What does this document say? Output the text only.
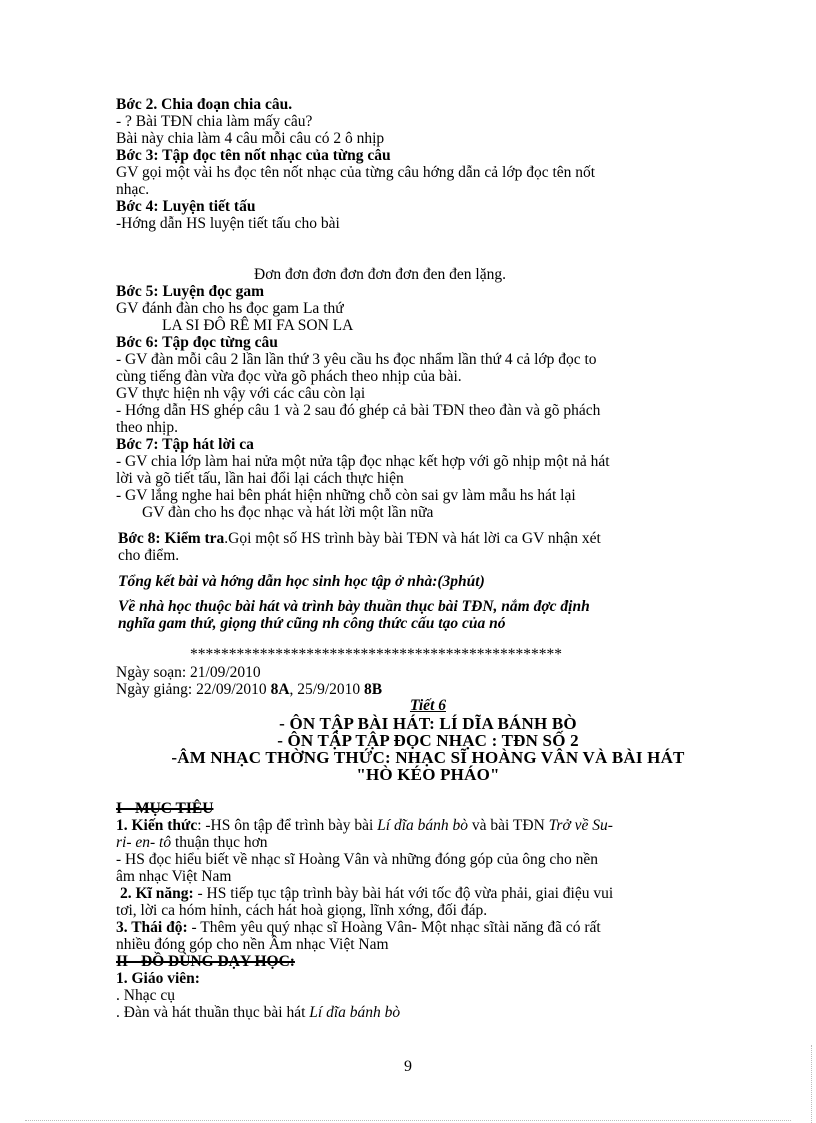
Bớc 2. Chia đoạn chia câu.
- ? Bài TĐN chia làm mấy câu?
Bài này chia làm 4 câu mỗi câu có 2 ô nhịp
Bớc 3: Tập đọc tên nốt nhạc của từng câu
GV gọi một vài hs đọc tên nốt nhạc của từng câu hớng dẫn cả lớp đọc tên nốt
nhạc.
Bớc 4: Luyện tiết tấu
-Hớng dẫn HS luyện tiết tấu cho bài
Đơn đơn đơn đơn đơn đơn đen đen lặng.
Bớc 5: Luyện đọc gam
GV đánh đàn cho hs đọc gam La thứ
LA SI ĐÔ RÊ MI FA SON LA
Bớc 6: Tập đọc từng câu
- GV đàn mỗi câu 2 lần lần thứ 3 yêu cầu hs đọc nhẩm lần thứ 4 cả lớp đọc to
cùng tiếng đàn vừa đọc vừa gõ phách theo nhịp của bài.
GV thực hiện nh vậy với các câu còn lại
- Hớng dẫn HS ghép câu 1 và 2 sau đó ghép cả bài TĐN theo đàn và gõ phách
theo nhịp.
Bớc 7: Tập hát lời ca
- GV chia lớp làm hai nửa một nửa tập đọc nhạc kết hợp với gõ nhịp một nả hát
lời và gõ tiết tấu, lần hai đổi lại cách thực hiện
- GV lắng nghe hai bên phát hiện những chỗ còn sai gv làm mẫu hs hát lại
GV đàn cho hs đọc nhạc và hát lời một lần nữa
Bớc 8: Kiểm tra.Gọi một số HS trình bày bài TĐN và hát lời ca GV nhận xét
cho điểm.
Tổng kết bài và hớng dẫn học sinh học tập ở nhà:(3phút)
Về nhà học thuộc bài hát và trình bày thuần thục bài TĐN, nắm đợc định
nghĩa gam thứ, giọng thứ cũng nh công thức cấu tạo của nó
************************************************
Ngày soạn: 21/09/2010
Ngày giảng: 22/09/2010 8A, 25/9/2010 8B
Tiết 6
- ÔN TẬP BÀI HÁT: LÍ DĨA BÁNH BÒ
- ÔN TẬP TẬP ĐỌC NHẠC : TĐN SỐ 2
-ÂM NHẠC THỜNG THỨC: NHẠC SĨ HOÀNG VÂN VÀ BÀI HÁT
"HÒ KÉO PHÁO"
I - MỤC TIÊU
1. Kiến thức: -HS ôn tập để trình bày bài Lí dĩa bánh bò và bài TĐN Trở về Su-
ri- en- tô thuận thục hơn
- HS đọc hiểu biết về nhạc sĩ Hoàng Vân và những đóng góp của ông cho nền
âm nhạc Việt Nam
2. Kĩ năng: - HS tiếp tục tập trình bày bài hát với tốc độ vừa phải, giai điệu vui
tơi, lời ca hóm hỉnh, cách hát hoà giọng, lĩnh xớng, đối đáp.
3. Thái độ: - Thêm yêu quý nhạc sĩ Hoàng Vân- Một nhạc sĩtài năng đã có rất
nhiều đóng góp cho nền Âm nhạc Việt Nam
II - ĐỒ DÙNG DẠY HỌC:
1. Giáo viên:
. Nhạc cụ
. Đàn và hát thuần thục bài hát Lí dĩa bánh bò
9
